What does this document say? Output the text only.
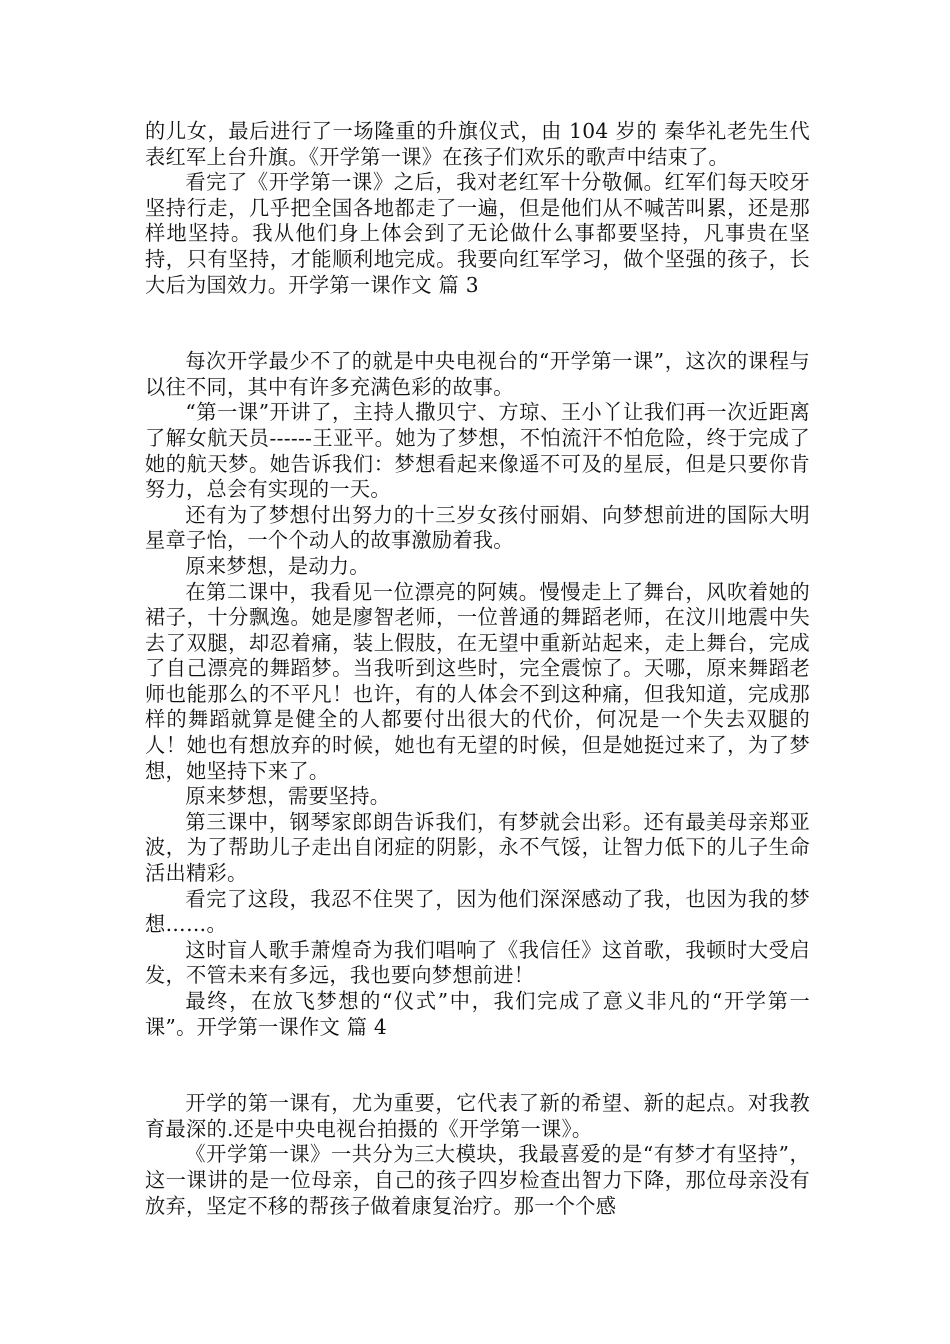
的儿女，最后进行了一场隆重的升旗仪式，由 104 岁的 秦华礼老先生代表红军上台升旗。《开学第一课》在孩子们欢乐的歌声中结束了。

看完了《开学第一课》之后，我对老红军十分敬佩。红军们每天咬牙坚持行走，几乎把全国各地都走了一遍，但是他们从不喊苦叫累，还是那样地坚持。我从他们身上体会到了无论做什么事都要坚持，凡事贵在坚持，只有坚持，才能顺利地完成。我要向红军学习，做个坚强的孩子，长大后为国效力。开学第一课作文 篇 3

每次开学最少不了的就是中央电视台的“开学第一课”，这次的课程与以往不同，其中有许多充满色彩的故事。

“第一课”开讲了，主持人撒贝宁、方琼、王小丫让我们再一次近距离了解女航天员------王亚平。她为了梦想，不怕流汗不怕危险，终于完成了她的航天梦。她告诉我们：梦想看起来像遥不可及的星辰，但是只要你肯努力，总会有实现的一天。

还有为了梦想付出努力的十三岁女孩付丽娟、向梦想前进的国际大明星章子怡，一个个动人的故事激励着我。

原来梦想，是动力。

在第二课中，我看见一位漂亮的阿姨。慢慢走上了舞台，风吹着她的裙子，十分飘逸。她是廖智老师，一位普通的舞蹈老师，在汶川地震中失去了双腿，却忍着痛，装上假肢，在无望中重新站起来，走上舞台，完成了自己漂亮的舞蹈梦。当我听到这些时，完全震惊了。天哪，原来舞蹈老师也能那么的不平凡！也许，有的人体会不到这种痛，但我知道，完成那样的舞蹈就算是健全的人都要付出很大的代价，何况是一个失去双腿的人！她也有想放弃的时候，她也有无望的时候，但是她挺过来了，为了梦想，她坚持下来了。

原来梦想，需要坚持。

第三课中，钢琴家郎朗告诉我们，有梦就会出彩。还有最美母亲郑亚波，为了帮助儿子走出自闭症的阴影，永不气馁，让智力低下的儿子生命活出精彩。

看完了这段，我忍不住哭了，因为他们深深感动了我，也因为我的梦想……。

这时盲人歌手萧煌奇为我们唱响了《我信任》这首歌，我顿时大受启发，不管未来有多远，我也要向梦想前进！

最终，在放飞梦想的“仪式”中，我们完成了意义非凡的“开学第一课”。开学第一课作文 篇 4

开学的第一课有，尤为重要，它代表了新的希望、新的起点。对我教育最深的.还是中央电视台拍摄的《开学第一课》。

《开学第一课》一共分为三大模块，我最喜爱的是“有梦才有坚持”，这一课讲的是一位母亲，自己的孩子四岁检查出智力下降，那位母亲没有放弃，坚定不移的帮孩子做着康复治疗。那一个个感
